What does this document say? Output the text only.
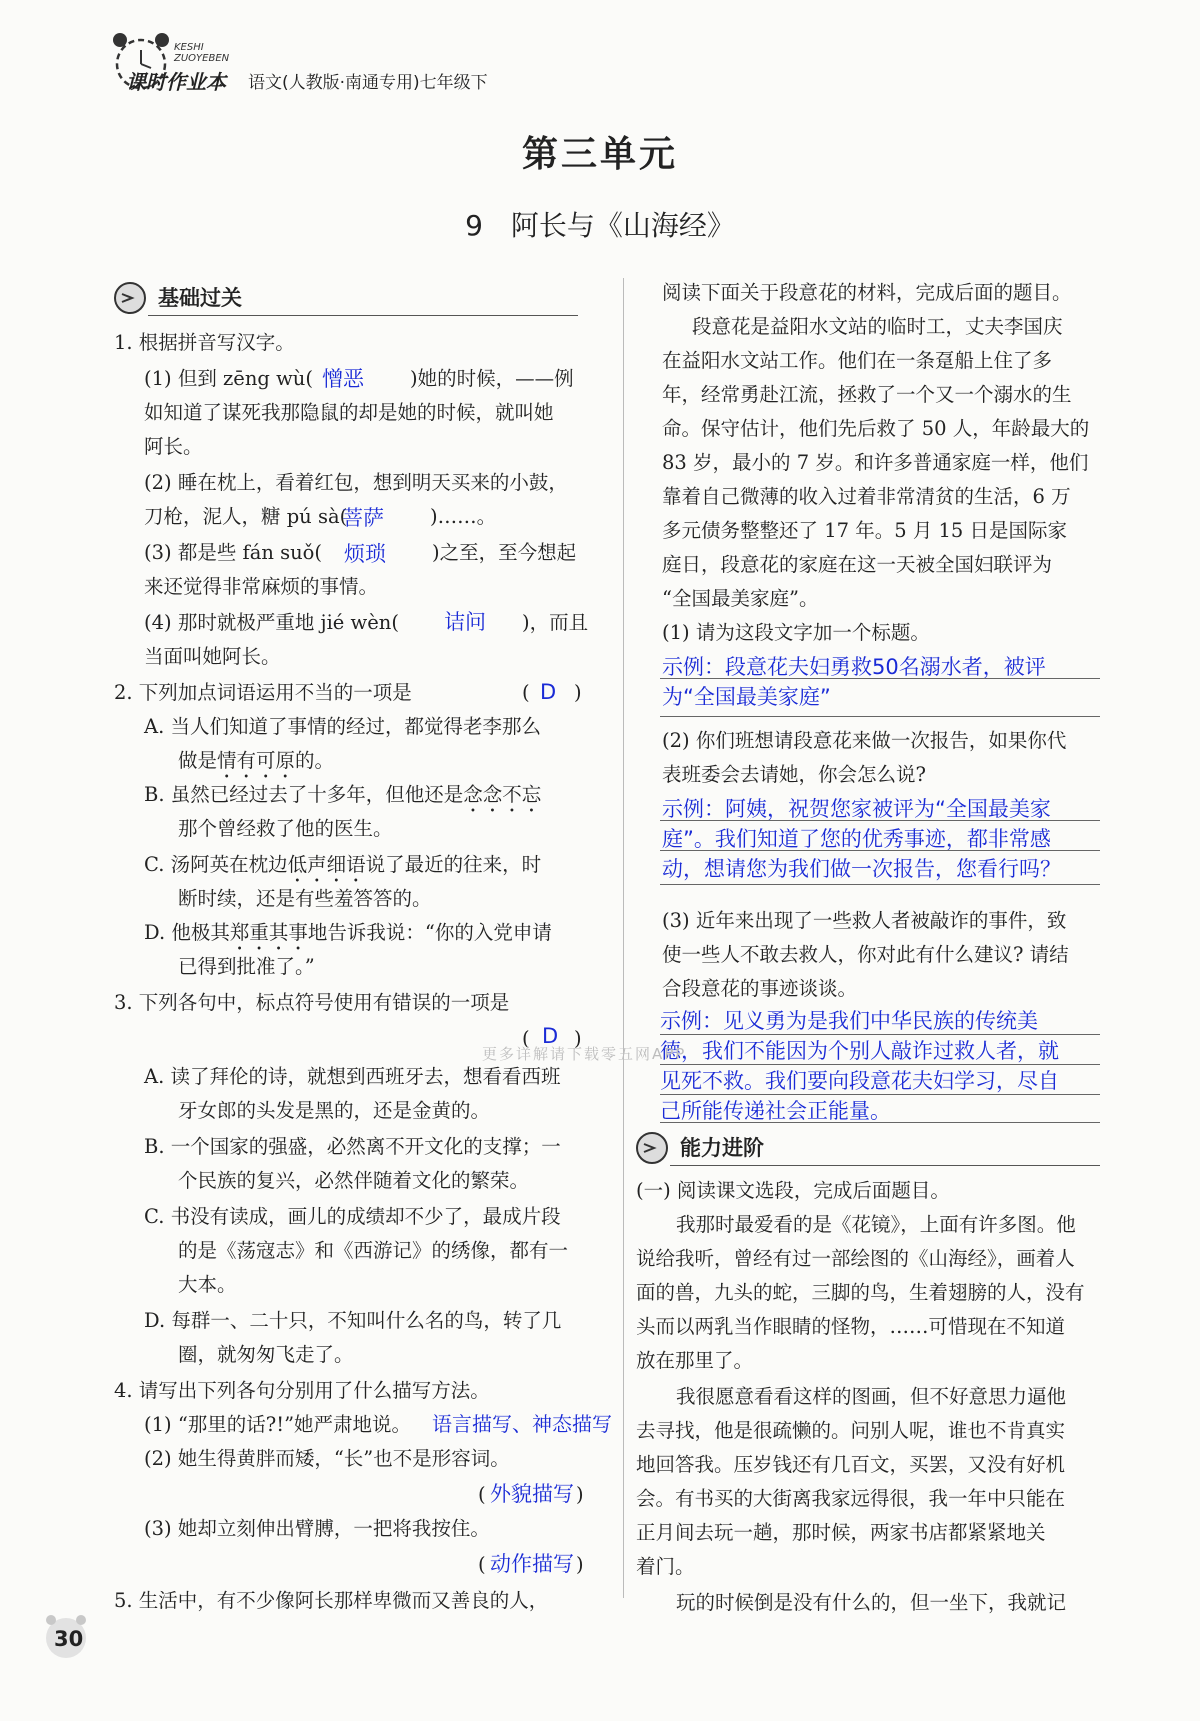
KESHI
ZUOYEBEN
课时作业本 语文(人教版·南通专用)七年级下
第三单元
9 阿长与《山海经》
基础过关
1. 根据拼音写汉字。
(1) 但到 zēng wù( 憎恶 )她的时候，——例
如知道了谋死我那隐鼠的却是她的时候，就叫她
阿长。
(2) 睡在枕上，看着红包，想到明天买来的小鼓，
刀枪，泥人，糖 pú sà(
菩萨 )……。
(3) 都是些 fán suǒ( 烦琐 )之至，至今想起
来还觉得非常麻烦的事情。
(4) 那时就极严重地 jié wèn( 诘问 )，而且
当面叫她阿长。
2. 下列加点词语运用不当的一项是	( D )
A. 当人们知道了事情的经过，都觉得老李那么
做是情有可原的。
B. 虽然已经过去了十多年，但他还是念念不忘
那个曾经救了他的医生。
C. 汤阿英在枕边低声细语说了最近的往来，时
断时续，还是有些羞答答的。
D. 他极其郑重其事地告诉我说：“你的入党申请
已得到批准了。”
3. 下列各句中，标点符号使用有错误的一项是
( D )
A. 读了拜伦的诗，就想到西班牙去，想看看西班
牙女郎的头发是黑的，还是金黄的。
B. 一个国家的强盛，必然离不开文化的支撑；一
个民族的复兴，必然伴随着文化的繁荣。
C. 书没有读成，画儿的成绩却不少了，最成片段
的是《荡寇志》和《西游记》的绣像，都有一
大本。
D. 每群一、二十只，不知叫什么名的鸟，转了几
圈，就匆匆飞走了。
4. 请写出下列各句分别用了什么描写方法。
(1) “那里的话?!”她严肃地说。 语言描写、神态描写
(2) 她生得黄胖而矮，“长”也不是形容词。
( 外貌描写 )
(3) 她却立刻伸出臂膊，一把将我按住。
( 动作描写 )
5. 生活中，有不少像阿长那样卑微而又善良的人，
阅读下面关于段意花的材料，完成后面的题目。
段意花是益阳水文站的临时工，丈夫李国庆
在益阳水文站工作。他们在一条趸船上住了多
年，经常勇赴江流，拯救了一个又一个溺水的生
命。保守估计，他们先后救了 50 人，年龄最大的
83 岁，最小的 7 岁。和许多普通家庭一样，他们
靠着自己微薄的收入过着非常清贫的生活，6 万
多元债务整整还了 17 年。5 月 15 日是国际家
庭日，段意花的家庭在这一天被全国妇联评为
“全国最美家庭”。
(1) 请为这段文字加一个标题。
示例：段意花夫妇勇救50名溺水者，被评
为“全国最美家庭”
(2) 你们班想请段意花来做一次报告，如果你代
表班委会去请她，你会怎么说?
示例：阿姨，祝贺您家被评为“全国最美家
庭”。我们知道了您的优秀事迹，都非常感
动，想请您为我们做一次报告，您看行吗？
(3) 近年来出现了一些救人者被敲诈的事件，致
使一些人不敢去救人，你对此有什么建议? 请结
合段意花的事迹谈谈。
示例：见义勇为是我们中华民族的传统美
德，我们不能因为个别人敲诈过救人者，就
见死不救。我们要向段意花夫妇学习，尽自
己所能传递社会正能量。
能力进阶
(一) 阅读课文选段，完成后面题目。
我那时最爱看的是《花镜》，上面有许多图。他
说给我听，曾经有过一部绘图的《山海经》，画着人
面的兽，九头的蛇，三脚的鸟，生着翅膀的人，没有
头而以两乳当作眼睛的怪物，……可惜现在不知道
放在那里了。
我很愿意看看这样的图画，但不好意思力逼他
去寻找，他是很疏懒的。问别人呢，谁也不肯真实
地回答我。压岁钱还有几百文，买罢，又没有好机
会。有书买的大街离我家远得很，我一年中只能在
正月间去玩一趟，那时候，两家书店都紧紧地关
着门。
玩的时候倒是没有什么的，但一坐下，我就记
更多详解请下载零五网APP
30
